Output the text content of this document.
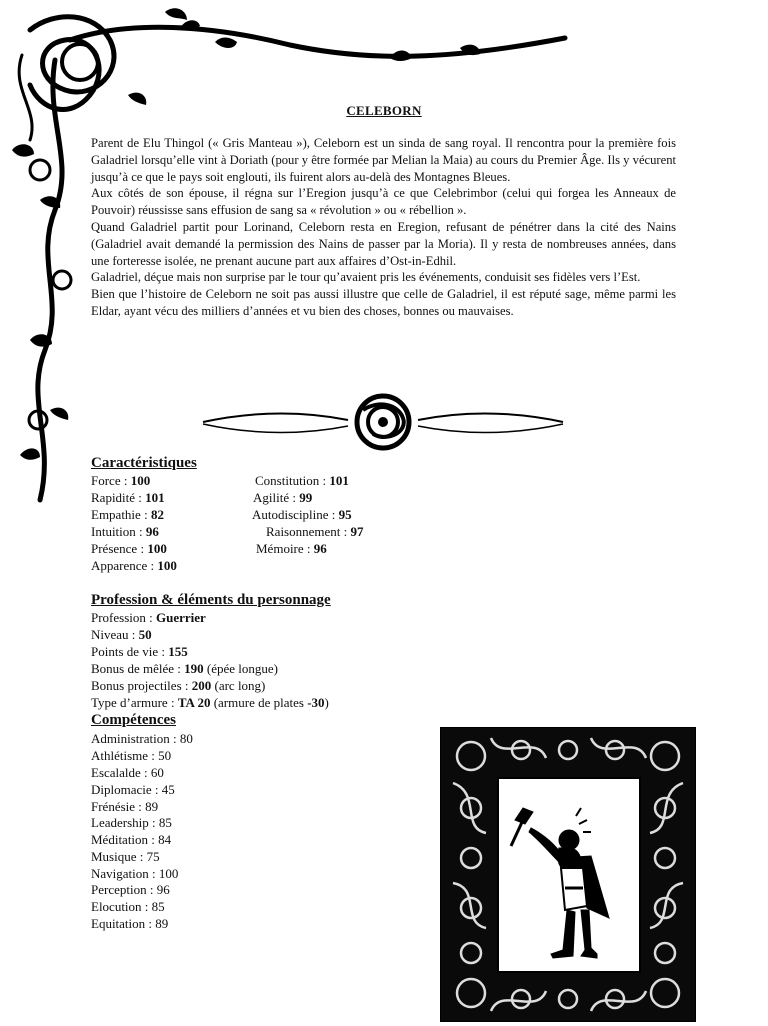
CELEBORN

Parent de Elu Thingol (« Gris Manteau »), Celeborn est un sinda de sang royal. Il rencontra pour la première fois Galadriel lorsqu’elle vint à Doriath (pour y être formée par Melian la Maia) au cours du Premier Âge. Ils y vécurent jusqu’à ce que le pays soit englouti, ils fuirent alors au-delà des Montagnes Bleues.

Aux côtés de son épouse, il régna sur l’Eregion jusqu’à ce que Celebrimbor (celui qui forgea les Anneaux de Pouvoir) réussisse sans effusion de sang sa « révolution » ou « rébellion ».

Quand Galadriel partit pour Lorinand, Celeborn resta en Eregion, refusant de pénétrer dans la cité des Nains (Galadriel avait demandé la permission des Nains de passer par la Moria). Il y resta de nombreuses années, dans une forteresse isolée, ne prenant aucune part aux affaires d’Ost-in-Edhil.

Galadriel, déçue mais non surprise par le tour qu’avaient pris les événements, conduisit ses fidèles vers l’Est.

Bien que l’histoire de Celeborn ne soit pas aussi illustre que celle de Galadriel, il est réputé sage, même parmi les Eldar, ayant vécu des milliers d’années et vu bien des choses, bonnes ou mauvaises.

Caractéristiques
Force : 100
Rapidité : 101
Empathie : 82
Intuition : 96
Présence : 100
Apparence : 100
Constitution : 101
Agilité : 99
Autodiscipline : 95
Raisonnement : 97
Mémoire : 96
Profession & éléments du personnage
Profession : Guerrier
Niveau : 50
Points de vie : 155
Bonus de mêlée : 190 (épée longue)
Bonus projectiles : 200 (arc long)
Type d’armure : TA 20 (armure de plates -30)
Compétences
Administration : 80
Athlétisme : 50
Escalalde : 60
Diplomacie : 45
Frénésie : 89
Leadership : 85
Méditation : 84
Musique : 75
Navigation : 100
Perception : 96
Elocution : 85
Equitation : 89
